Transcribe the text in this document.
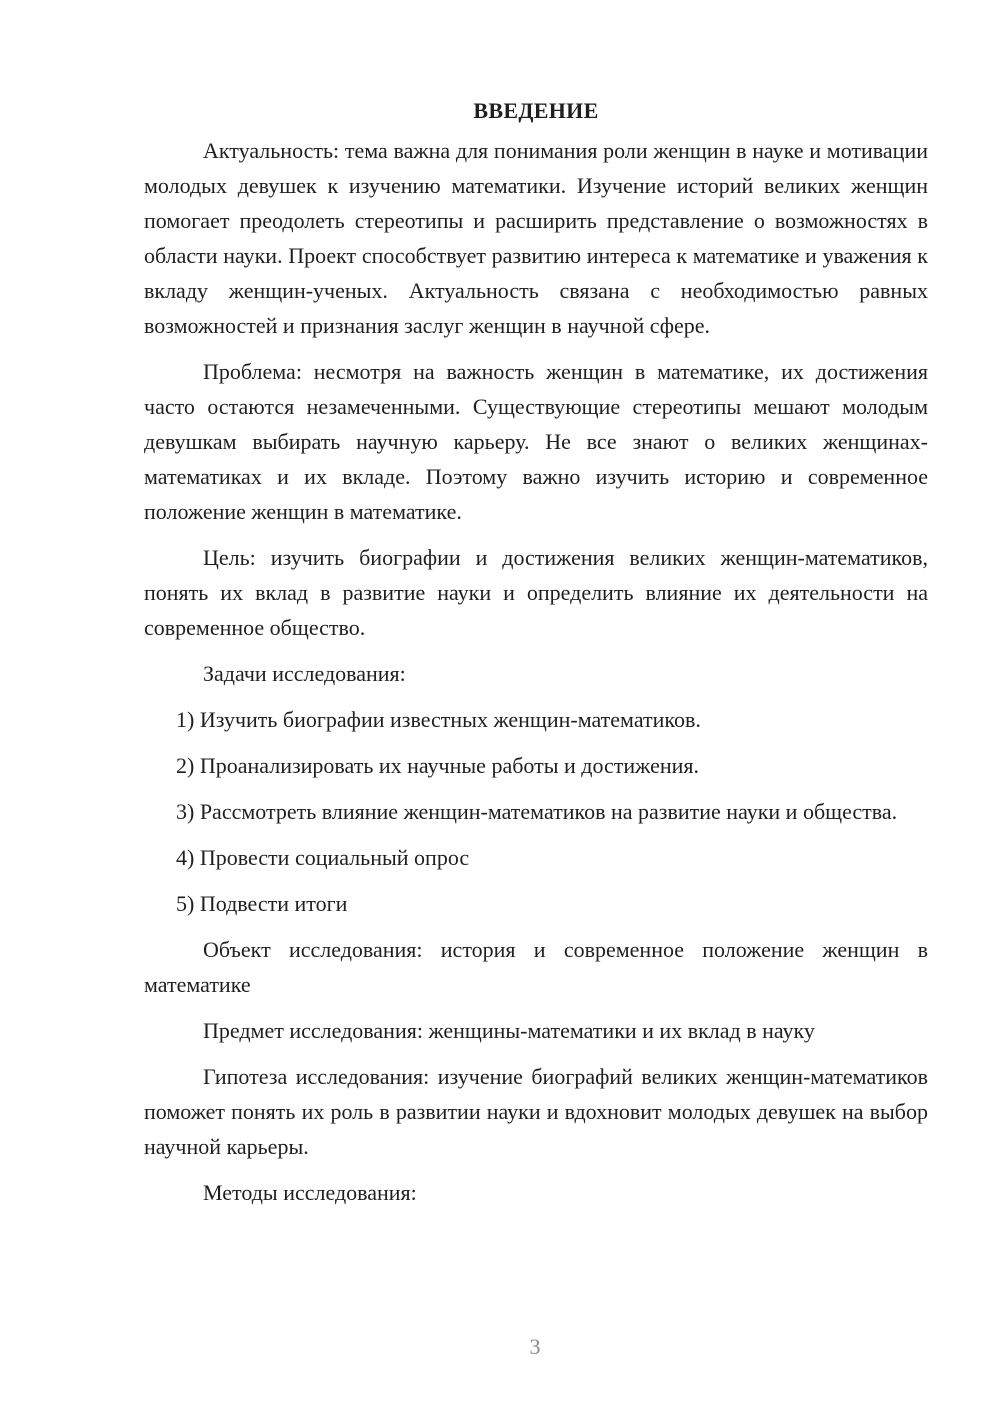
ВВЕДЕНИЕ

Актуальность: тема важна для понимания роли женщин в науке и мотивации молодых девушек к изучению математики. Изучение историй великих женщин помогает преодолеть стереотипы и расширить представление о возможностях в области науки. Проект способствует развитию интереса к математике и уважения к вкладу женщин-ученых. Актуальность связана с необходимостью равных возможностей и признания заслуг женщин в научной сфере.

Проблема: несмотря на важность женщин в математике, их достижения часто остаются незамеченными. Существующие стереотипы мешают молодым девушкам выбирать научную карьеру. Не все знают о великих женщинах-математиках и их вкладе. Поэтому важно изучить историю и современное положение женщин в математике.

Цель: изучить биографии и достижения великих женщин-математиков, понять их вклад в развитие науки и определить влияние их деятельности на современное общество.

Задачи исследования:

1) Изучить биографии известных женщин-математиков.

2) Проанализировать их научные работы и достижения.

3) Рассмотреть влияние женщин-математиков на развитие науки и общества.

4) Провести социальный опрос

5) Подвести итоги

Объект исследования: история и современное положение женщин в математике

Предмет исследования: женщины-математики и их вклад в науку

Гипотеза исследования: изучение биографий великих женщин-математиков поможет понять их роль в развитии науки и вдохновит молодых девушек на выбор научной карьеры.

Методы исследования:

3
